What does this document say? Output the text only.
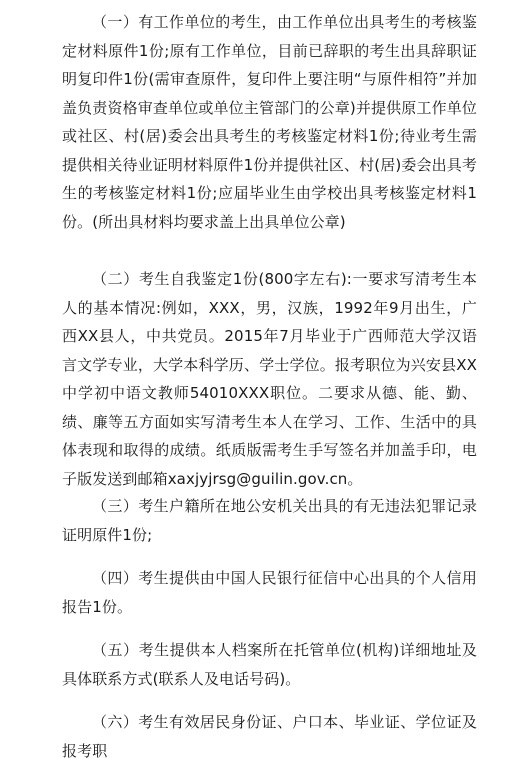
（一）有工作单位的考生，由工作单位出具考生的考核鉴定材料原件1份;原有工作单位，目前已辞职的考生出具辞职证明复印件1份(需审查原件，复印件上要注明“与原件相符”并加盖负责资格审查单位或单位主管部门的公章)并提供原工作单位或社区、村(居)委会出具考生的考核鉴定材料1份;待业考生需提供相关待业证明材料原件1份并提供社区、村(居)委会出具考生的考核鉴定材料1份;应届毕业生由学校出具考核鉴定材料1份。(所出具材料均要求盖上出具单位公章)

（二）考生自我鉴定1份(800字左右):一要求写清考生本人的基本情况:例如，XXX，男，汉族，1992年9月出生，广西XX县人，中共党员。2015年7月毕业于广西师范大学汉语言文学专业，大学本科学历、学士学位。报考职位为兴安县XX中学初中语文教师54010XXX职位。二要求从德、能、勤、绩、廉等五方面如实写清考生本人在学习、工作、生活中的具体表现和取得的成绩。纸质版需考生手写签名并加盖手印，电子版发送到邮箱xaxjyjrsg@guilin.gov.cn。

（三）考生户籍所在地公安机关出具的有无违法犯罪记录证明原件1份;

（四）考生提供由中国人民银行征信中心出具的个人信用报告1份。

（五）考生提供本人档案所在托管单位(机构)详细地址及具体联系方式(联系人及电话号码)。

（六）考生有效居民身份证、户口本、毕业证、学位证及报考职
